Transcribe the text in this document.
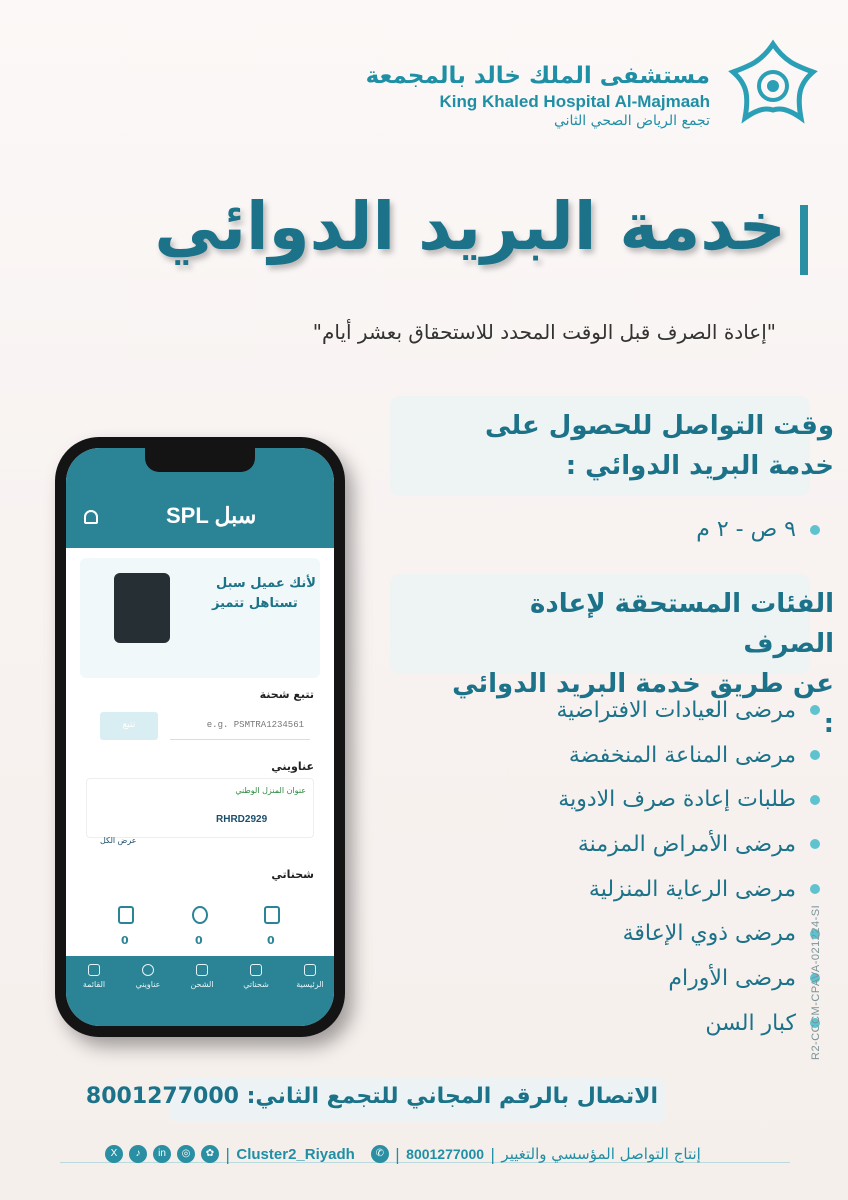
مستشفى الملك خالد بالمجمعة
King Khaled Hospital Al-Majmaah
تجمع الرياض الصحي الثاني
خدمة البريد الدوائي
"إعادة الصرف قبل الوقت المحدد للاستحقاق بعشر أيام"
وقت التواصل للحصول على
خدمة البريد الدوائي :
٩ ص - ٢ م
الفئات المستحقة لإعادة الصرف
عن طريق خدمة البريد الدوائي :
مرضى العيادات الافتراضية
مرضى المناعة المنخفضة
طلبات إعادة صرف الادوية
مرضى الأمراض المزمنة
مرضى الرعاية المنزلية
مرضى ذوي الإعاقة
مرضى الأورام
كبار السن
SPL سبل
لأنك عميل سبل
تستاهل تتميز
تتبع شحنة
تتبع	e.g. PSMTRA1234561
عناويني
عنوان المنزل الوطني
RHRD2929
عرض الكل
شحناتي
0	0	0
الرئيسية
شحناتي
الشحن
عناويني
القائمة
الاتصال بالرقم المجاني للتجمع الثاني: 8001277000
X	♪	in	◎	✿ | Cluster2_Riyadh	✆ | 8001277000 | إنتاج التواصل المؤسسي والتغيير
R2-CCCM-CPAVA-021224-SI
